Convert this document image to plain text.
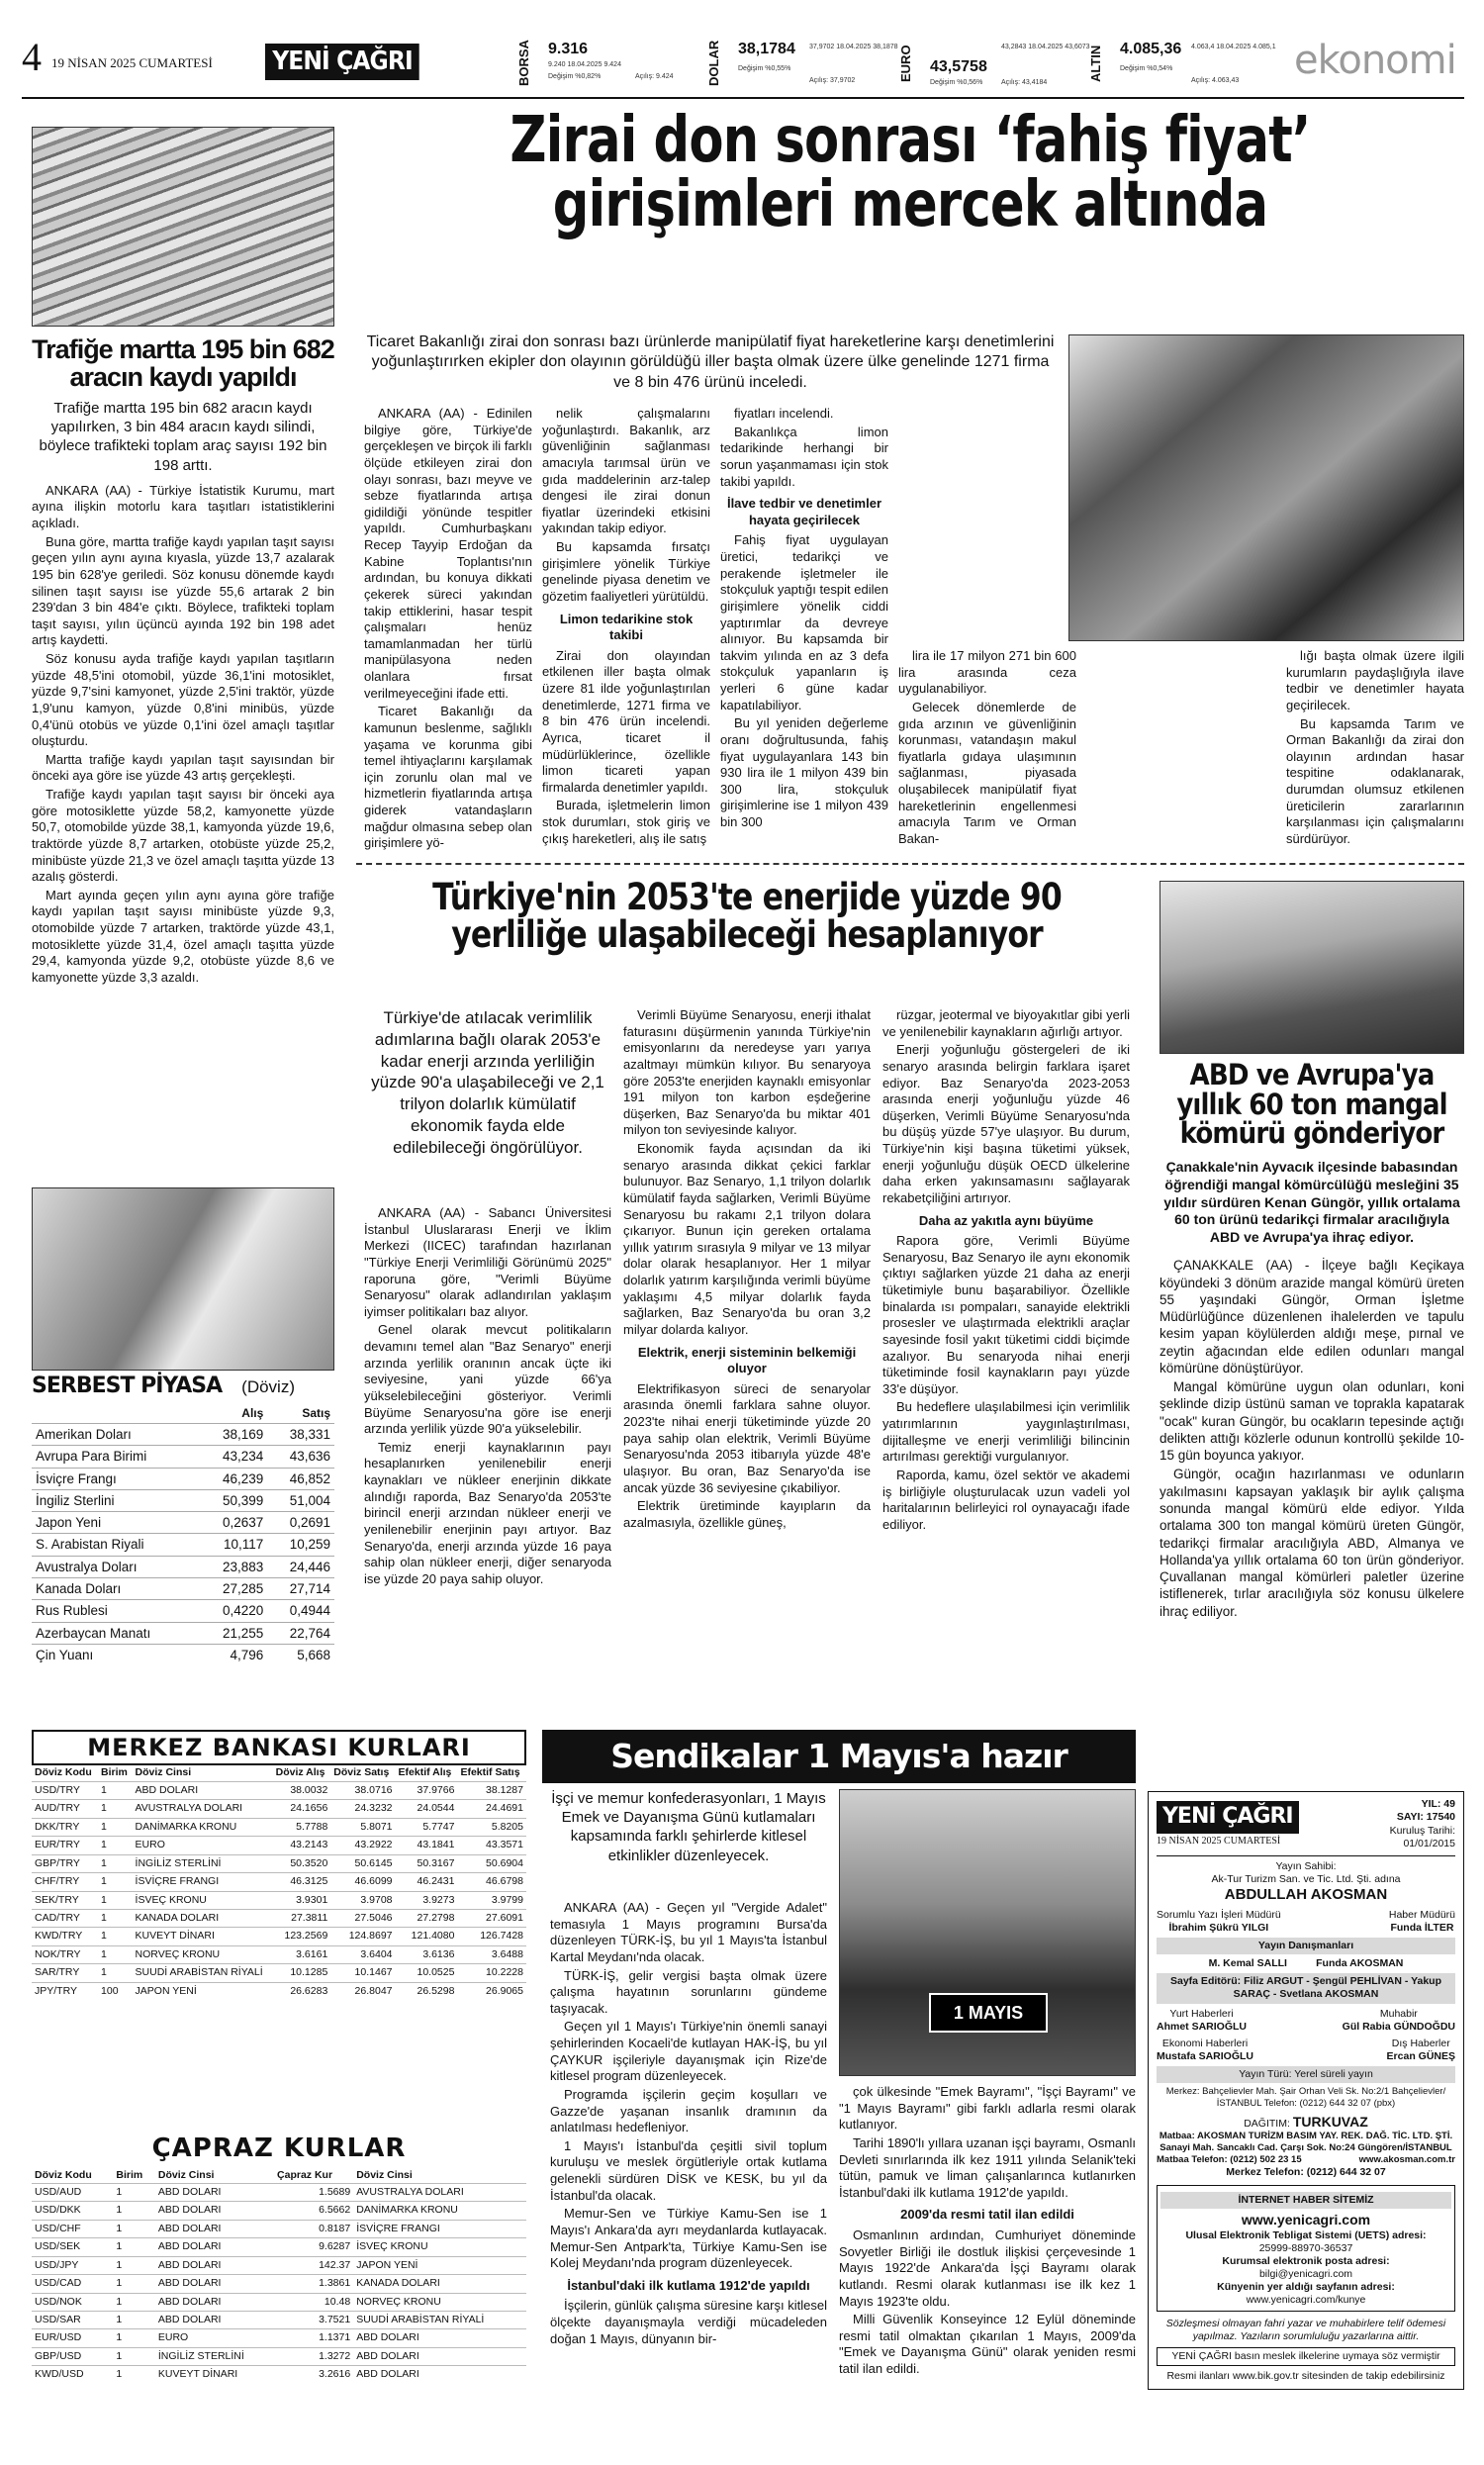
4 19 NİSAN 2025 CUMARTESİ YENİ ÇAĞRI	BORSA	9.316
9.240 18.04.2025 9.424
Değişim %0,82%	Açılış: 9.424	DOLAR	38,1784 37,9702 18.04.2025 38,1878
Değişim %0,55%
Açılış: 37,9702	EURO	43,5758
43,2843 18.04.2025 43,6073
Değişim %0,56%	Açılış: 43,4184
ALTIN	4.085,36 4.063,4 18.04.2025 4.085,1
Değişim %0,54%
Açılış: 4.063,43 ekonomi
Trafiğe martta 195 bin 682 aracın kaydı yapıldı
Trafiğe martta 195 bin 682 aracın kaydı yapılırken, 3 bin 484 aracın kaydı silindi, böylece trafikteki toplam araç sayısı 192 bin 198 arttı.

ANKARA (AA) - Türkiye İstatistik Kurumu, mart ayına ilişkin motorlu kara taşıtları istatistiklerini açıkladı.

Buna göre, martta trafiğe kaydı yapılan taşıt sayısı geçen yılın aynı ayına kıyasla, yüzde 13,7 azalarak 195 bin 628'ye geriledi. Söz konusu dönemde kaydı silinen taşıt sayısı ise yüzde 55,6 artarak 2 bin 239'dan 3 bin 484'e çıktı. Böylece, trafikteki toplam taşıt sayısı, yılın üçüncü ayında 192 bin 198 adet artış kaydetti.

Söz konusu ayda trafiğe kaydı yapılan taşıtların yüzde 48,5'ini otomobil, yüzde 36,1'ini motosiklet, yüzde 9,7'sini kamyonet, yüzde 2,5'ini traktör, yüzde 1,9'unu kamyon, yüzde 0,8'ini minibüs, yüzde 0,4'ünü otobüs ve yüzde 0,1'ini özel amaçlı taşıtlar oluşturdu.

Martta trafiğe kaydı yapılan taşıt sayısından bir önceki aya göre ise yüzde 43 artış gerçekleşti.

Trafiğe kaydı yapılan taşıt sayısı bir önceki aya göre motosiklette yüzde 58,2, kamyonette yüzde 50,7, otomobilde yüzde 38,1, kamyonda yüzde 19,6, traktörde yüzde 8,7 artarken, otobüste yüzde 25,2, minibüste yüzde 21,3 ve özel amaçlı taşıtta yüzde 13 azalış gösterdi.

Mart ayında geçen yılın aynı ayına göre trafiğe kaydı yapılan taşıt sayısı minibüste yüzde 9,3, otomobilde yüzde 7 artarken, traktörde yüzde 43,1, motosiklette yüzde 31,4, özel amaçlı taşıtta yüzde 29,4, kamyonda yüzde 9,2, otobüste yüzde 8,6 ve kamyonette yüzde 3,3 azaldı.

SERBEST PİYASA (Döviz)
	Alış	Satış
Amerikan Doları	38,169	38,331
Avrupa Para Birimi	43,234	43,636
İsviçre Frangı	46,239	46,852
İngiliz Sterlini	50,399	51,004
Japon Yeni	0,2637	0,2691
S. Arabistan Riyali	10,117	10,259
Avustralya Doları	23,883	24,446
Kanada Doları	27,285	27,714
Rus Rublesi	0,4220	0,4944
Azerbaycan Manatı	21,255	22,764
Çin Yuanı	4,796	5,668
Zirai don sonrası ‘fahiş fiyat’
girişimleri mercek altında
Ticaret Bakanlığı zirai don sonrası bazı ürünlerde manipülatif fiyat hareketlerine karşı denetimlerini yoğunlaştırırken ekipler don olayının görüldüğü iller başta olmak üzere ülke genelinde 1271 firma ve 8 bin 476 ürünü inceledi.

ANKARA (AA) - Edinilen bilgiye göre, Türkiye'de gerçekleşen ve birçok ili farklı ölçüde etkileyen zirai don olayı sonrası, bazı meyve ve sebze fiyatlarında artışa gidildiği yönünde tespitler yapıldı. Cumhurbaşkanı Recep Tayyip Erdoğan da Kabine Toplantısı'nın ardından, bu konuya dikkati çekerek süreci yakından takip ettiklerini, hasar tespit çalışmaları henüz tamamlanmadan her türlü manipülasyona neden olanlara fırsat verilmeyeceğini ifade etti.

Ticaret Bakanlığı da kamunun beslenme, sağlıklı yaşama ve korunma gibi temel ihtiyaçlarını karşılamak için zorunlu olan mal ve hizmetlerin fiyatlarında artışa giderek vatandaşların mağdur olmasına sebep olan girişimlere yö-

nelik çalışmalarını yoğunlaştırdı. Bakanlık, arz güvenliğinin sağlanması amacıyla tarımsal ürün ve gıda maddelerinin arz-talep dengesi ile zirai donun fiyatlar üzerindeki etkisini yakından takip ediyor.

Bu kapsamda fırsatçı girişimlere yönelik Türkiye genelinde piyasa denetim ve gözetim faaliyetleri yürütüldü.

Limon tedarikine stok takibi

Zirai don olayından etkilenen iller başta olmak üzere 81 ilde yoğunlaştırılan denetimlerde, 1271 firma ve 8 bin 476 ürün incelendi. Ayrıca, ticaret il müdürlüklerince, özellikle limon ticareti yapan firmalarda denetimler yapıldı.

Burada, işletmelerin limon stok durumları, stok giriş ve çıkış hareketleri, alış ile satış

fiyatları incelendi.

Bakanlıkça limon tedarikinde herhangi bir sorun yaşanmaması için stok takibi yapıldı.

İlave tedbir ve denetimler hayata geçirilecek

Fahiş fiyat uygulayan üretici, tedarikçi ve perakende işletmeler ile stokçuluk yaptığı tespit edilen girişimlere yönelik ciddi yaptırımlar da devreye alınıyor. Bu kapsamda bir takvim yılında en az 3 defa stokçuluk yapanların iş yerleri 6 güne kadar kapatılabiliyor.

Bu yıl yeniden değerleme oranı doğrultusunda, fahiş fiyat uygulayanlara 143 bin 930 lira ile 1 milyon 439 bin 300 lira, stokçuluk girişimlerine ise 1 milyon 439 bin 300

lira ile 17 milyon 271 bin 600 lira arasında ceza uygulanabiliyor.

Gelecek dönemlerde de gıda arzının ve güvenliğinin korunması, vatandaşın makul fiyatlarla gıdaya ulaşımının sağlanması, piyasada oluşabilecek manipülatif fiyat hareketlerinin engellenmesi amacıyla Tarım ve Orman Bakan-

lığı başta olmak üzere ilgili kurumların paydaşlığıyla ilave tedbir ve denetimler hayata geçirilecek.

Bu kapsamda Tarım ve Orman Bakanlığı da zirai don olayının ardından hasar tespitine odaklanarak, durumdan olumsuz etkilenen üreticilerin zararlarının karşılanması için çalışmalarını sürdürüyor.

Türkiye'nin 2053'te enerjide yüzde 90
yerliliğe ulaşabileceği hesaplanıyor
Türkiye'de atılacak verimlilik adımlarına bağlı olarak 2053'e kadar enerji arzında yerliliğin yüzde 90'a ulaşabileceği ve 2,1 trilyon dolarlık kümülatif ekonomik fayda elde edilebileceği öngörülüyor.

ANKARA (AA) - Sabancı Üniversitesi İstanbul Uluslararası Enerji ve İklim Merkezi (IICEC) tarafından hazırlanan "Türkiye Enerji Verimliliği Görünümü 2025" raporuna göre, "Verimli Büyüme Senaryosu" olarak adlandırılan yaklaşım iyimser politikaları baz alıyor.

Genel olarak mevcut politikaların devamını temel alan "Baz Senaryo" enerji arzında yerlilik oranının ancak üçte iki seviyesine, yani yüzde 66'ya yükselebileceğini gösteriyor. Verimli Büyüme Senaryosu'na göre ise enerji arzında yerlilik yüzde 90'a yükselebilir.

Temiz enerji kaynaklarının payı hesaplanırken yenilenebilir enerji kaynakları ve nükleer enerjinin dikkate alındığı raporda, Baz Senaryo'da 2053'te birincil enerji arzından nükleer enerji ve yenilenebilir enerjinin payı artıyor. Baz Senaryo'da, enerji arzında yüzde 16 paya sahip olan nükleer enerji, diğer senaryoda ise yüzde 20 paya sahip oluyor.

Verimli Büyüme Senaryosu, enerji ithalat faturasını düşürmenin yanında Türkiye'nin emisyonlarını da neredeyse yarı yarıya azaltmayı mümkün kılıyor. Bu senaryoya göre 2053'te enerjiden kaynaklı emisyonlar 191 milyon ton karbon eşdeğerine düşerken, Baz Senaryo'da bu miktar 401 milyon ton seviyesinde kalıyor.

Ekonomik fayda açısından da iki senaryo arasında dikkat çekici farklar bulunuyor. Baz Senaryo, 1,1 trilyon dolarlık kümülatif fayda sağlarken, Verimli Büyüme Senaryosu bu rakamı 2,1 trilyon dolara çıkarıyor. Bunun için gereken ortalama yıllık yatırım sırasıyla 9 milyar ve 13 milyar dolar olarak hesaplanıyor. Her 1 milyar dolarlık yatırım karşılığında verimli büyüme yaklaşımı 4,5 milyar dolarlık fayda sağlarken, Baz Senaryo'da bu oran 3,2 milyar dolarda kalıyor.

Elektrik, enerji sisteminin belkemiği oluyor

Elektrifikasyon süreci de senaryolar arasında önemli farklara sahne oluyor. 2023'te nihai enerji tüketiminde yüzde 20 paya sahip olan elektrik, Verimli Büyüme Senaryosu'nda 2053 itibarıyla yüzde 48'e ulaşıyor. Bu oran, Baz Senaryo'da ise ancak yüzde 36 seviyesine çıkabiliyor.

Elektrik üretiminde kayıpların da azalmasıyla, özellikle güneş,

rüzgar, jeotermal ve biyoyakıtlar gibi yerli ve yenilenebilir kaynakların ağırlığı artıyor.

Enerji yoğunluğu göstergeleri de iki senaryo arasında belirgin farklara işaret ediyor. Baz Senaryo'da 2023-2053 arasında enerji yoğunluğu yüzde 46 düşerken, Verimli Büyüme Senaryosu'nda bu düşüş yüzde 57'ye ulaşıyor. Bu durum, Türkiye'nin kişi başına tüketimi yüksek, enerji yoğunluğu düşük OECD ülkelerine daha erken yakınsamasını sağlayarak rekabetçiliğini artırıyor.

Daha az yakıtla aynı büyüme

Rapora göre, Verimli Büyüme Senaryosu, Baz Senaryo ile aynı ekonomik çıktıyı sağlarken yüzde 21 daha az enerji tüketimiyle bunu başarabiliyor. Özellikle binalarda ısı pompaları, sanayide elektrikli prosesler ve ulaştırmada elektrikli araçlar sayesinde fosil yakıt tüketimi ciddi biçimde azalıyor. Bu senaryoda nihai enerji tüketiminde fosil kaynakların payı yüzde 33'e düşüyor.

Bu hedeflere ulaşılabilmesi için verimlilik yatırımlarının yaygınlaştırılması, dijitalleşme ve enerji verimliliği bilincinin artırılması gerektiği vurgulanıyor.

Raporda, kamu, özel sektör ve akademi iş birliğiyle oluşturulacak uzun vadeli yol haritalarının belirleyici rol oynayacağı ifade ediliyor.

ABD ve Avrupa'ya yıllık 60 ton mangal kömürü gönderiyor
Çanakkale'nin Ayvacık ilçesinde babasından öğrendiği mangal kömürcülüğü mesleğini 35 yıldır sürdüren Kenan Güngör, yıllık ortalama 60 ton ürünü tedarikçi firmalar aracılığıyla ABD ve Avrupa'ya ihraç ediyor.

ÇANAKKALE (AA) - İlçeye bağlı Keçikaya köyündeki 3 dönüm arazide mangal kömürü üreten 55 yaşındaki Güngör, Orman İşletme Müdürlüğünce düzenlenen ihalelerden ve tapulu kesim yapan köylülerden aldığı meşe, pırnal ve zeytin ağacından elde edilen odunları mangal kömürüne dönüştürüyor.

Mangal kömürüne uygun olan odunları, koni şeklinde dizip üstünü saman ve toprakla kapatarak "ocak" kuran Güngör, bu ocakların tepesinde açtığı delikten attığı közlerle odunun kontrollü şekilde 10-15 gün boyunca yakıyor.

Güngör, ocağın hazırlanması ve odunların yakılmasını kapsayan yaklaşık bir aylık çalışma sonunda mangal kömürü elde ediyor. Yılda ortalama 300 ton mangal kömürü üreten Güngör, tedarikçi firmalar aracılığıyla ABD, Almanya ve Hollanda'ya yıllık ortalama 60 ton ürün gönderiyor. Çuvallanan mangal kömürleri paletler üzerine istiflenerek, tırlar aracılığıyla söz konusu ülkelere ihraç ediliyor.

MERKEZ BANKASI KURLARI
Döviz Kodu	Birim	Döviz Cinsi	Döviz Alış	Döviz Satış	Efektif Alış	Efektif Satış
USD/TRY	1	ABD DOLARI	38.0032	38.0716	37.9766	38.1287
AUD/TRY	1	AVUSTRALYA DOLARI	24.1656	24.3232	24.0544	24.4691
DKK/TRY	1	DANİMARKA KRONU	5.7788	5.8071	5.7747	5.8205
EUR/TRY	1	EURO	43.2143	43.2922	43.1841	43.3571
GBP/TRY	1	İNGİLİZ STERLİNİ	50.3520	50.6145	50.3167	50.6904
CHF/TRY	1	İSVİÇRE FRANGI	46.3125	46.6099	46.2431	46.6798
SEK/TRY	1	İSVEÇ KRONU	3.9301	3.9708	3.9273	3.9799
CAD/TRY	1	KANADA DOLARI	27.3811	27.5046	27.2798	27.6091
KWD/TRY	1	KUVEYT DİNARI	123.2569	124.8697	121.4080	126.7428
NOK/TRY	1	NORVEÇ KRONU	3.6161	3.6404	3.6136	3.6488
SAR/TRY	1	SUUDİ ARABİSTAN RİYALİ	10.1285	10.1467	10.0525	10.2228
JPY/TRY	100	JAPON YENİ	26.6283	26.8047	26.5298	26.9065
ÇAPRAZ KURLAR
Döviz Kodu	Birim	Döviz Cinsi	Çapraz Kur	Döviz Cinsi
USD/AUD	1	ABD DOLARI	1.5689	AVUSTRALYA DOLARI
USD/DKK	1	ABD DOLARI	6.5662	DANİMARKA KRONU
USD/CHF	1	ABD DOLARI	0.8187	İSVİÇRE FRANGI
USD/SEK	1	ABD DOLARI	9.6287	İSVEÇ KRONU
USD/JPY	1	ABD DOLARI	142.37	JAPON YENİ
USD/CAD	1	ABD DOLARI	1.3861	KANADA DOLARI
USD/NOK	1	ABD DOLARI	10.48	NORVEÇ KRONU
USD/SAR	1	ABD DOLARI	3.7521	SUUDİ ARABİSTAN RİYALİ
EUR/USD	1	EURO	1.1371	ABD DOLARI
GBP/USD	1	İNGİLİZ STERLİNİ	1.3272	ABD DOLARI
KWD/USD	1	KUVEYT DİNARI	3.2616	ABD DOLARI
Sendikalar 1 Mayıs'a hazır
İşçi ve memur konfederasyonları, 1 Mayıs Emek ve Dayanışma Günü kutlamaları kapsamında farklı şehirlerde kitlesel etkinlikler düzenleyecek.

ANKARA (AA) - Geçen yıl "Vergide Adalet" temasıyla 1 Mayıs programını Bursa'da düzenleyen TÜRK-İŞ, bu yıl 1 Mayıs'ta İstanbul Kartal Meydanı'nda olacak.

TÜRK-İŞ, gelir vergisi başta olmak üzere çalışma hayatının sorunlarını gündeme taşıyacak.

Geçen yıl 1 Mayıs'ı Türkiye'nin önemli sanayi şehirlerinden Kocaeli'de kutlayan HAK-İŞ, bu yıl ÇAYKUR işçileriyle dayanışmak için Rize'de kitlesel program düzenleyecek.

Programda işçilerin geçim koşulları ve Gazze'de yaşanan insanlık dramının da anlatılması hedefleniyor.

1 Mayıs'ı İstanbul'da çeşitli sivil toplum kuruluşu ve meslek örgütleriyle ortak kutlama gelenekli sürdüren DİSK ve KESK, bu yıl da İstanbul'da olacak.

Memur-Sen ve Türkiye Kamu-Sen ise 1 Mayıs'ı Ankara'da ayrı meydanlarda kutlayacak. Memur-Sen Antpark'ta, Türkiye Kamu-Sen ise Kolej Meydanı'nda program düzenleyecek.

İstanbul'daki ilk kutlama 1912'de yapıldı

İşçilerin, günlük çalışma süresine karşı kitlesel ölçekte dayanışmayla verdiği mücadeleden doğan 1 Mayıs, dünyanın bir-

1 MAYIS

çok ülkesinde "Emek Bayramı", "İşçi Bayramı" ve "1 Mayıs Bayramı" gibi farklı adlarla resmi olarak kutlanıyor.

Tarihi 1890'lı yıllara uzanan işçi bayramı, Osmanlı Devleti sınırlarında ilk kez 1911 yılında Selanik'teki tütün, pamuk ve liman çalışanlarınca kutlanırken İstanbul'daki ilk kutlama 1912'de yapıldı.

2009'da resmi tatil ilan edildi

Osmanlının ardından, Cumhuriyet döneminde Sovyetler Birliği ile dostluk ilişkisi çerçevesinde 1 Mayıs 1922'de Ankara'da İşçi Bayramı olarak kutlandı. Resmi olarak kutlanması ise ilk kez 1 Mayıs 1923'te oldu.

Milli Güvenlik Konseyince 12 Eylül döneminde resmi tatil olmaktan çıkarılan 1 Mayıs, 2009'da "Emek ve Dayanışma Günü" olarak yeniden resmi tatil ilan edildi.

YENİ ÇAĞRI
19 NİSAN 2025 CUMARTESİ
YIL: 49
SAYI: 17540
Kuruluş Tarihi:
01/01/2015

Yayın Sahibi:

Ak-Tur Turizm San. ve Tic. Ltd. Şti. adına

ABDULLAH AKOSMAN

Sorumlu Yazı İşleri Müdürü

İbrahim Şükrü YILGI

Haber Müdürü

Funda İLTER

Yayın Danışmanları

M. Kemal SALLI          Funda AKOSMAN

Sayfa Editörü: Filiz ARGUT - Şengül PEHLİVAN - Yakup SARAÇ - Svetlana AKOSMAN

Yurt Haberleri

Ahmet SARIOĞLU

Muhabir

Gül Rabia GÜNDOĞDU

Ekonomi Haberleri

Mustafa SARIOĞLU

Dış Haberler

Ercan GÜNEŞ

Yayın Türü: Yerel süreli yayın

Merkez: Bahçelievler Mah. Şair Orhan Veli Sk. No:2/1 Bahçelievler/İSTANBUL Telefon: (0212) 644 32 07 (pbx)

DAĞITIM: TURKUVAZ

Matbaa: AKOSMAN TURİZM BASIM YAY. REK. DAĞ. TİC. LTD. ŞTİ. Sanayi Mah. Sancaklı Cad. Çarşı Sok. No:24 Güngören/İSTANBUL

Matbaa Telefon: (0212) 502 23 15	www.akosman.com.tr

Merkez Telefon: (0212) 644 32 07

İNTERNET HABER SİTEMİZ

www.yenicagri.com

Ulusal Elektronik Tebligat Sistemi (UETS) adresi:

25999-88970-36537

Kurumsal elektronik posta adresi:

bilgi@yenicagri.com

Künyenin yer aldığı sayfanın adresi:

www.yenicagri.com/kunye

Sözleşmesi olmayan fahri yazar ve muhabirlere telif ödemesi yapılmaz. Yazıların sorumluluğu yazarlarına aittir.

YENİ ÇAĞRI basın meslek ilkelerine uymaya söz vermiştir

Resmi ilanları www.bik.gov.tr sitesinden de takip edebilirsiniz
